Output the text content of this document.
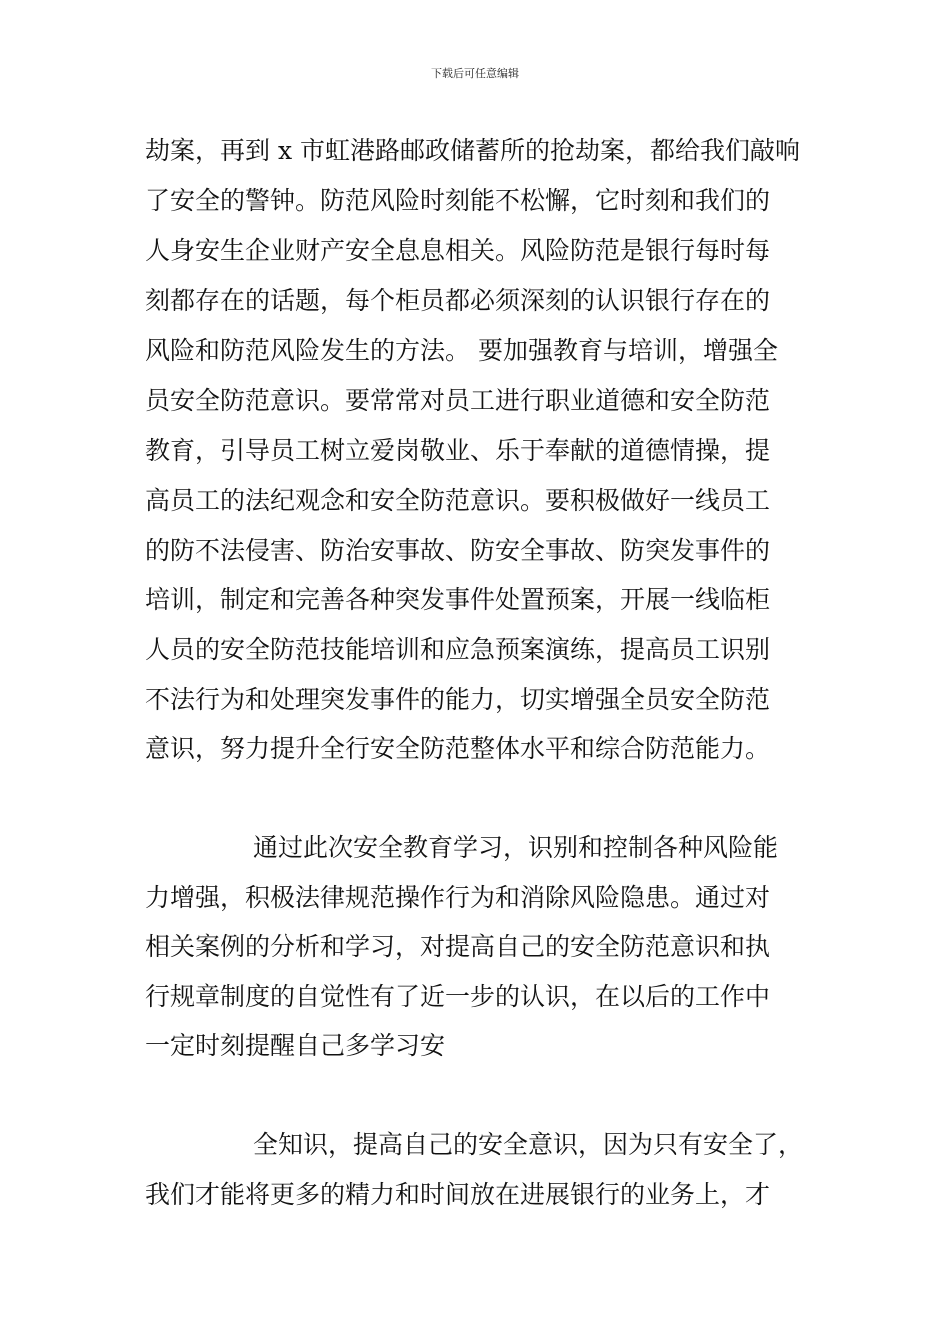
下载后可任意编辑
劫案，再到 x 市虹港路邮政储蓄所的抢劫案，都给我们敲响
了安全的警钟。防范风险时刻能不松懈，它时刻和我们的
人身安生企业财产安全息息相关。风险防范是银行每时每
刻都存在的话题，每个柜员都必须深刻的认识银行存在的
风险和防范风险发生的方法。 要加强教育与培训，增强全
员安全防范意识。要常常对员工进行职业道德和安全防范
教育，引导员工树立爱岗敬业、乐于奉献的道德情操，提
高员工的法纪观念和安全防范意识。要积极做好一线员工
的防不法侵害、防治安事故、防安全事故、防突发事件的
培训，制定和完善各种突发事件处置预案，开展一线临柜
人员的安全防范技能培训和应急预案演练，提高员工识别
不法行为和处理突发事件的能力，切实增强全员安全防范
意识，努力提升全行安全防范整体水平和综合防范能力。
通过此次安全教育学习，识别和控制各种风险能
力增强，积极法律规范操作行为和消除风险隐患。通过对
相关案例的分析和学习，对提高自己的安全防范意识和执
行规章制度的自觉性有了近一步的认识，在以后的工作中
一定时刻提醒自己多学习安
全知识，提高自己的安全意识，因为只有安全了，
我们才能将更多的精力和时间放在进展银行的业务上，才
